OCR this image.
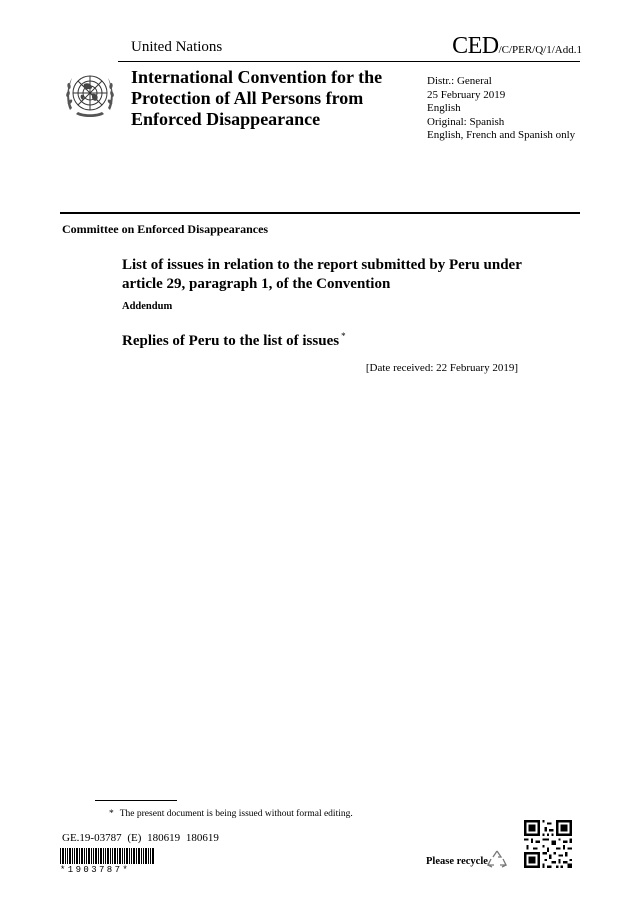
United Nations	CED/C/PER/Q/1/Add.1
International Convention for the Protection of All Persons from Enforced Disappearance
Distr.: General
25 February 2019
English
Original: Spanish
English, French and Spanish only
Committee on Enforced Disappearances
List of issues in relation to the report submitted by Peru under article 29, paragraph 1, of the Convention
Addendum
Replies of Peru to the list of issues *
[Date received: 22 February 2019]
* The present document is being issued without formal editing.
GE.19-03787 (E) 180619 180619
*1903787*
Please recycle
